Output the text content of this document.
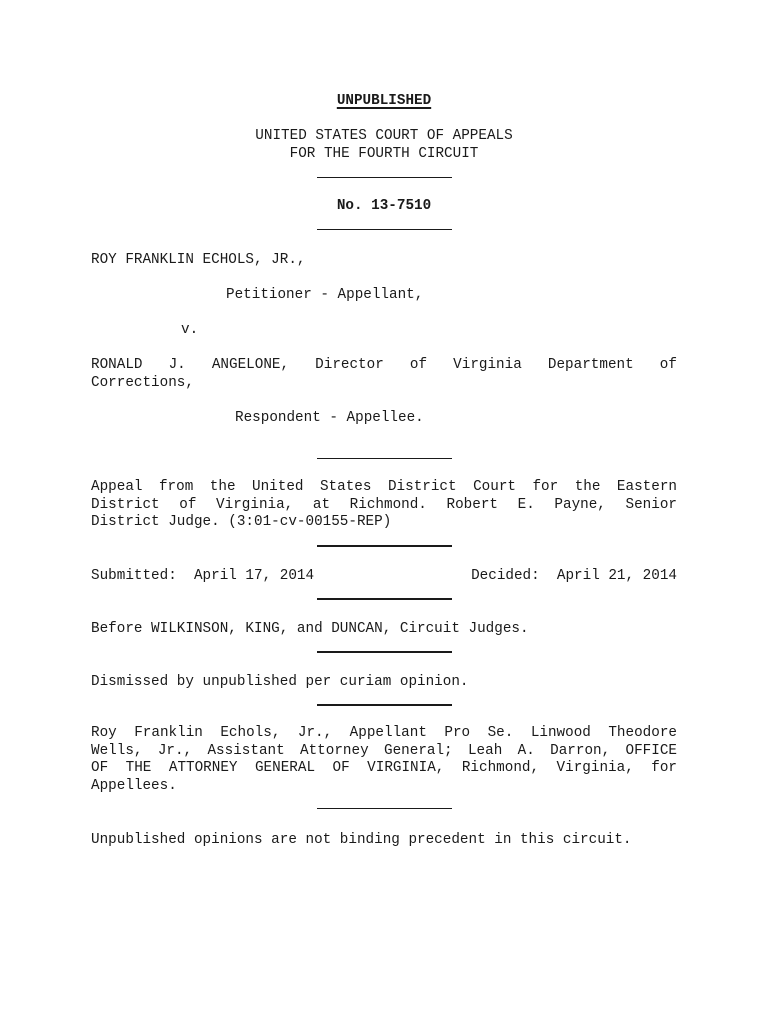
UNPUBLISHED
UNITED STATES COURT OF APPEALS
FOR THE FOURTH CIRCUIT
No. 13-7510
ROY FRANKLIN ECHOLS, JR.,
Petitioner - Appellant,
v.
RONALD J. ANGELONE, Director of Virginia Department of
Corrections,
Respondent - Appellee.
Appeal from the United States District Court for the Eastern
District of Virginia, at Richmond. Robert E. Payne, Senior
District Judge. (3:01-cv-00155-REP)
Submitted:  April 17, 2014	Decided:  April 21, 2014
Before WILKINSON, KING, and DUNCAN, Circuit Judges.
Dismissed by unpublished per curiam opinion.
Roy Franklin Echols, Jr., Appellant Pro Se. Linwood Theodore
Wells, Jr., Assistant Attorney General; Leah A. Darron, OFFICE
OF THE ATTORNEY GENERAL OF VIRGINIA, Richmond, Virginia, for
Appellees.
Unpublished opinions are not binding precedent in this circuit.
